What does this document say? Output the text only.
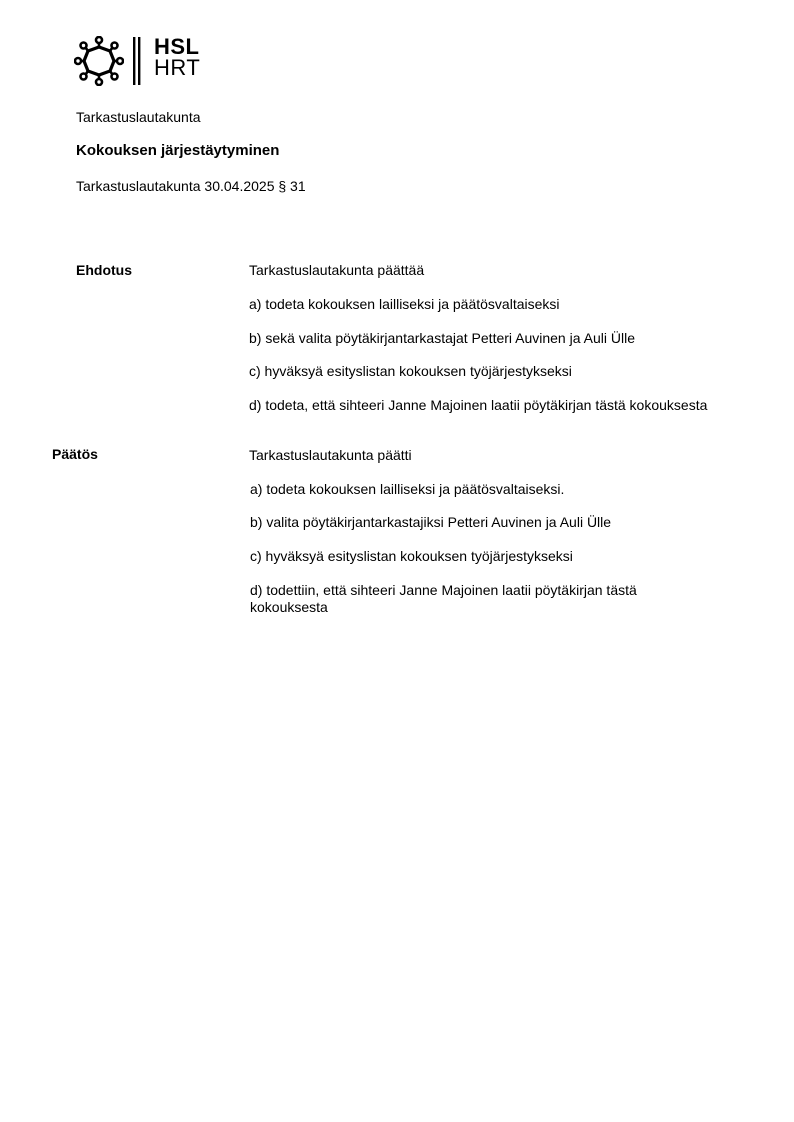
HSL
HRT
Tarkastuslautakunta
Kokouksen järjestäytyminen
Tarkastuslautakunta 30.04.2025 § 31
Ehdotus	Tarkastuslautakunta päättää
a) todeta kokouksen lailliseksi ja päätösvaltaiseksi
b) sekä valita pöytäkirjantarkastajat Petteri Auvinen ja Auli Ülle
c) hyväksyä esityslistan kokouksen työjärjestykseksi
d) todeta, että sihteeri Janne Majoinen laatii pöytäkirjan tästä kokouksesta
Päätös	Tarkastuslautakunta päätti
a) todeta kokouksen lailliseksi ja päätösvaltaiseksi.
b) valita pöytäkirjantarkastajiksi Petteri Auvinen ja Auli Ülle
c) hyväksyä esityslistan kokouksen työjärjestykseksi
d) todettiin, että sihteeri Janne Majoinen laatii pöytäkirjan tästä kokouksesta
